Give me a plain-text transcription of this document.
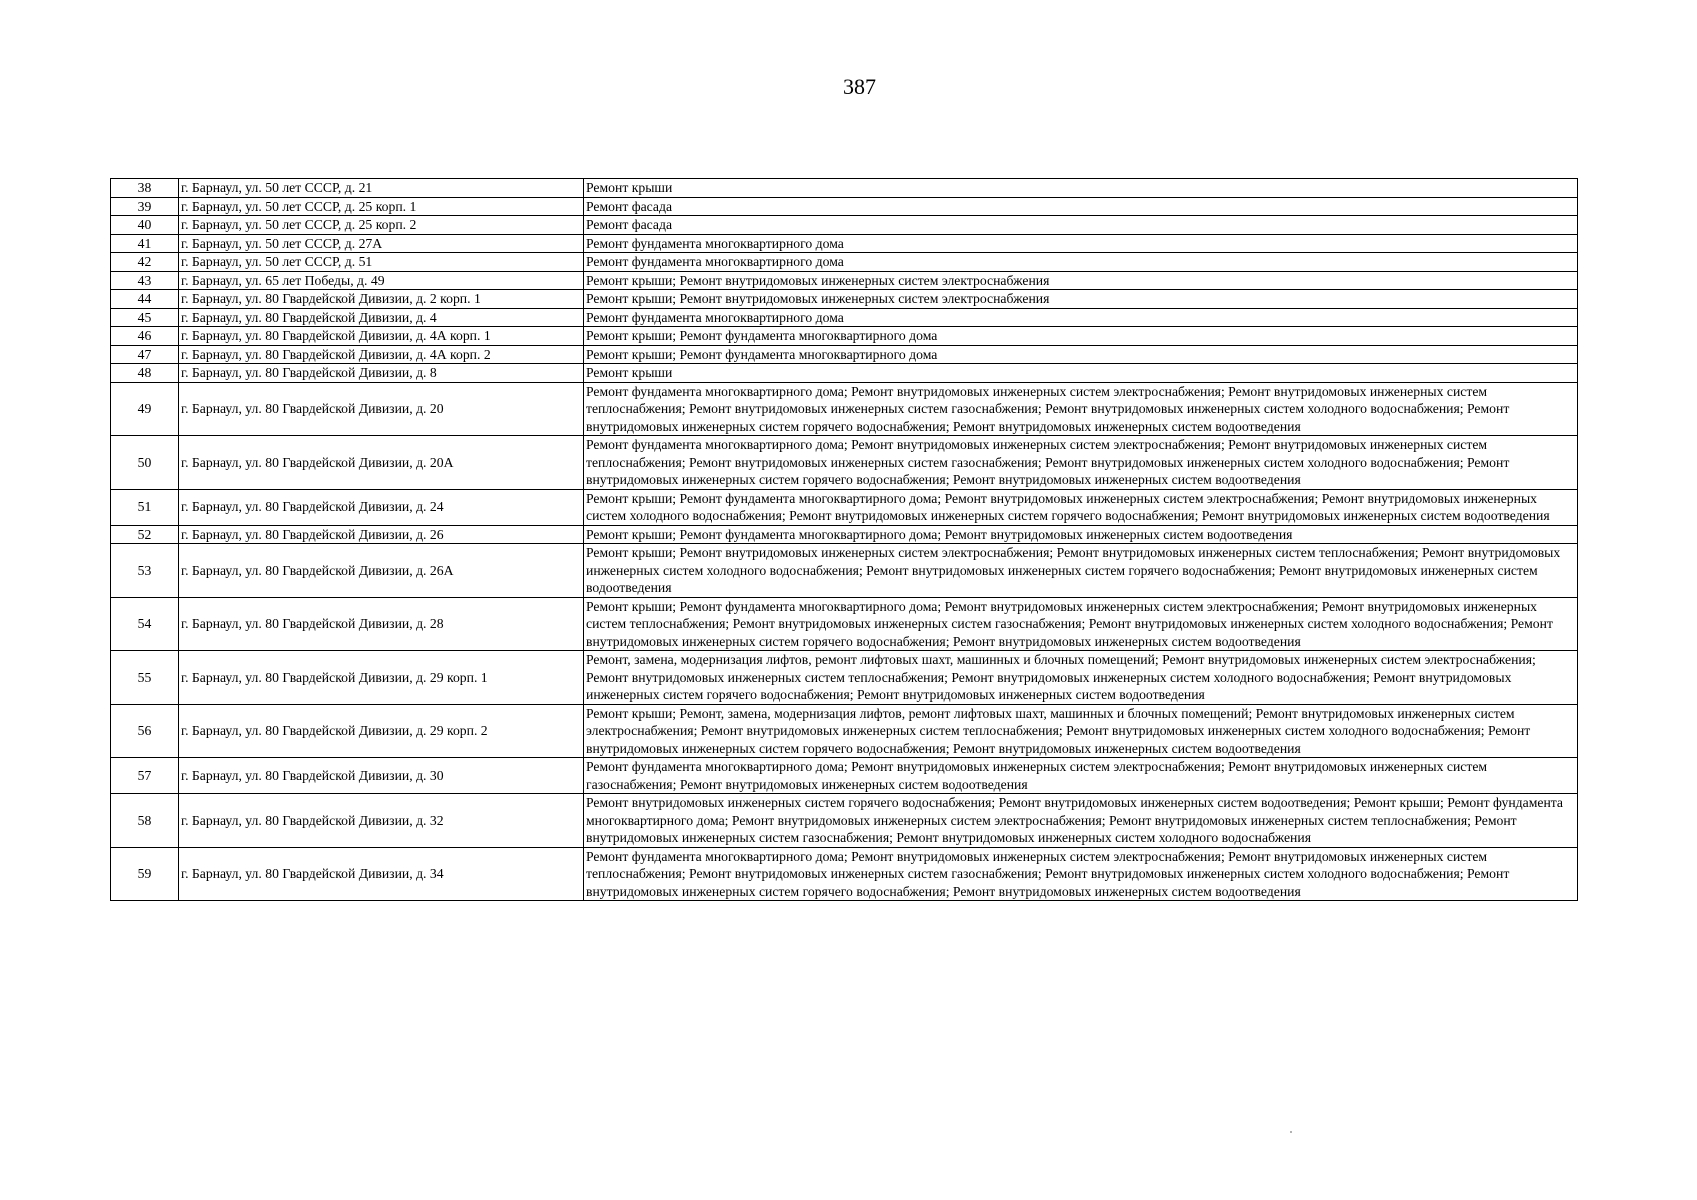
387
38	г. Барнаул, ул. 50 лет СССР, д. 21	Ремонт крыши
39	г. Барнаул, ул. 50 лет СССР, д. 25 корп. 1	Ремонт фасада
40	г. Барнаул, ул. 50 лет СССР, д. 25 корп. 2	Ремонт фасада
41	г. Барнаул, ул. 50 лет СССР, д. 27А	Ремонт фундамента многоквартирного дома
42	г. Барнаул, ул. 50 лет СССР, д. 51	Ремонт фундамента многоквартирного дома
43	г. Барнаул, ул. 65 лет Победы, д. 49	Ремонт крыши; Ремонт внутридомовых инженерных систем электроснабжения
44	г. Барнаул, ул. 80 Гвардейской Дивизии, д. 2 корп. 1	Ремонт крыши; Ремонт внутридомовых инженерных систем электроснабжения
45	г. Барнаул, ул. 80 Гвардейской Дивизии, д. 4	Ремонт фундамента многоквартирного дома
46	г. Барнаул, ул. 80 Гвардейской Дивизии, д. 4А корп. 1	Ремонт крыши; Ремонт фундамента многоквартирного дома
47	г. Барнаул, ул. 80 Гвардейской Дивизии, д. 4А корп. 2	Ремонт крыши; Ремонт фундамента многоквартирного дома
48	г. Барнаул, ул. 80 Гвардейской Дивизии, д. 8	Ремонт крыши
49	г. Барнаул, ул. 80 Гвардейской Дивизии, д. 20	Ремонт фундамента многоквартирного дома; Ремонт внутридомовых инженерных систем электроснабжения; Ремонт внутридомовых инженерных систем теплоснабжения; Ремонт внутридомовых инженерных систем газоснабжения; Ремонт внутридомовых инженерных систем холодного водоснабжения; Ремонт внутридомовых инженерных систем горячего водоснабжения; Ремонт внутридомовых инженерных систем водоотведения
50	г. Барнаул, ул. 80 Гвардейской Дивизии, д. 20А	Ремонт фундамента многоквартирного дома; Ремонт внутридомовых инженерных систем электроснабжения; Ремонт внутридомовых инженерных систем теплоснабжения; Ремонт внутридомовых инженерных систем газоснабжения; Ремонт внутридомовых инженерных систем холодного водоснабжения; Ремонт внутридомовых инженерных систем горячего водоснабжения; Ремонт внутридомовых инженерных систем водоотведения
51	г. Барнаул, ул. 80 Гвардейской Дивизии, д. 24	Ремонт крыши; Ремонт фундамента многоквартирного дома; Ремонт внутридомовых инженерных систем электроснабжения; Ремонт внутридомовых инженерных систем холодного водоснабжения; Ремонт внутридомовых инженерных систем горячего водоснабжения; Ремонт внутридомовых инженерных систем водоотведения
52	г. Барнаул, ул. 80 Гвардейской Дивизии, д. 26	Ремонт крыши; Ремонт фундамента многоквартирного дома; Ремонт внутридомовых инженерных систем водоотведения
53	г. Барнаул, ул. 80 Гвардейской Дивизии, д. 26А	Ремонт крыши; Ремонт внутридомовых инженерных систем электроснабжения; Ремонт внутридомовых инженерных систем теплоснабжения; Ремонт внутридомовых инженерных систем холодного водоснабжения; Ремонт внутридомовых инженерных систем горячего водоснабжения; Ремонт внутридомовых инженерных систем водоотведения
54	г. Барнаул, ул. 80 Гвардейской Дивизии, д. 28	Ремонт крыши; Ремонт фундамента многоквартирного дома; Ремонт внутридомовых инженерных систем электроснабжения; Ремонт внутридомовых инженерных систем теплоснабжения; Ремонт внутридомовых инженерных систем газоснабжения; Ремонт внутридомовых инженерных систем холодного водоснабжения; Ремонт внутридомовых инженерных систем горячего водоснабжения; Ремонт внутридомовых инженерных систем водоотведения
55	г. Барнаул, ул. 80 Гвардейской Дивизии, д. 29 корп. 1	Ремонт, замена, модернизация лифтов, ремонт лифтовых шахт, машинных и блочных помещений; Ремонт внутридомовых инженерных систем электроснабжения; Ремонт внутридомовых инженерных систем теплоснабжения; Ремонт внутридомовых инженерных систем холодного водоснабжения; Ремонт внутридомовых инженерных систем горячего водоснабжения; Ремонт внутридомовых инженерных систем водоотведения
56	г. Барнаул, ул. 80 Гвардейской Дивизии, д. 29 корп. 2	Ремонт крыши; Ремонт, замена, модернизация лифтов, ремонт лифтовых шахт, машинных и блочных помещений; Ремонт внутридомовых инженерных систем электроснабжения; Ремонт внутридомовых инженерных систем теплоснабжения; Ремонт внутридомовых инженерных систем холодного водоснабжения; Ремонт внутридомовых инженерных систем горячего водоснабжения; Ремонт внутридомовых инженерных систем водоотведения
57	г. Барнаул, ул. 80 Гвардейской Дивизии, д. 30	Ремонт фундамента многоквартирного дома; Ремонт внутридомовых инженерных систем электроснабжения; Ремонт внутридомовых инженерных систем газоснабжения; Ремонт внутридомовых инженерных систем водоотведения
58	г. Барнаул, ул. 80 Гвардейской Дивизии, д. 32	Ремонт внутридомовых инженерных систем горячего водоснабжения; Ремонт внутридомовых инженерных систем водоотведения; Ремонт крыши; Ремонт фундамента многоквартирного дома; Ремонт внутридомовых инженерных систем электроснабжения; Ремонт внутридомовых инженерных систем теплоснабжения; Ремонт внутридомовых инженерных систем газоснабжения; Ремонт внутридомовых инженерных систем холодного водоснабжения
59	г. Барнаул, ул. 80 Гвардейской Дивизии, д. 34	Ремонт фундамента многоквартирного дома; Ремонт внутридомовых инженерных систем электроснабжения; Ремонт внутридомовых инженерных систем теплоснабжения; Ремонт внутридомовых инженерных систем газоснабжения; Ремонт внутридомовых инженерных систем холодного водоснабжения; Ремонт внутридомовых инженерных систем горячего водоснабжения; Ремонт внутридомовых инженерных систем водоотведения
